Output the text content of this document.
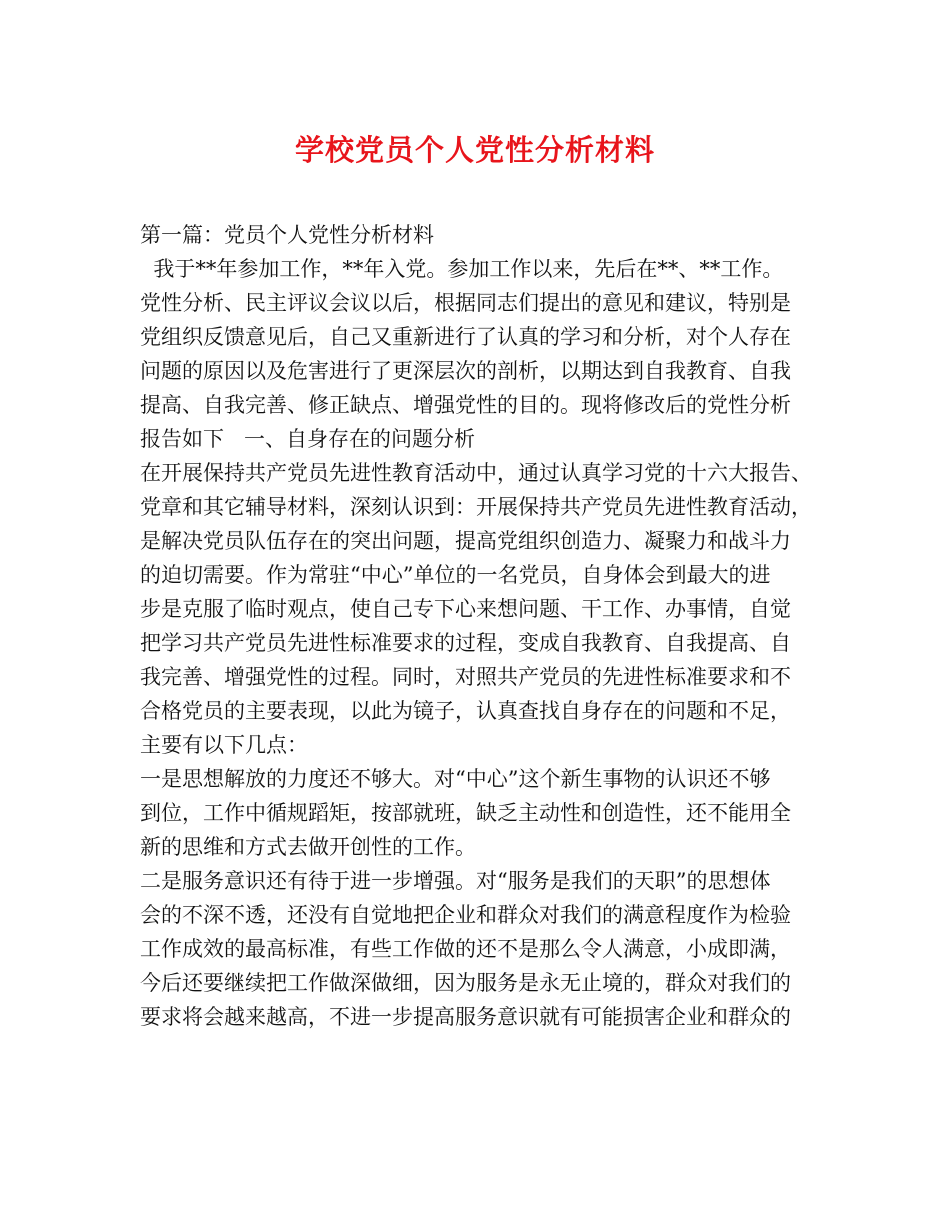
学校党员个人党性分析材料
第一篇：党员个人党性分析材料
我于**年参加工作，**年入党。参加工作以来，先后在**、**工作。
党性分析、民主评议会议以后，根据同志们提出的意见和建议，特别是
党组织反馈意见后，自己又重新进行了认真的学习和分析，对个人存在
问题的原因以及危害进行了更深层次的剖析，以期达到自我教育、自我
提高、自我完善、修正缺点、增强党性的目的。现将修改后的党性分析
报告如下   一、自身存在的问题分析
在开展保持共产党员先进性教育活动中，通过认真学习党的十六大报告、
党章和其它辅导材料，深刻认识到：开展保持共产党员先进性教育活动，
是解决党员队伍存在的突出问题，提高党组织创造力、凝聚力和战斗力
的迫切需要。作为常驻“中心”单位的一名党员，自身体会到最大的进
步是克服了临时观点，使自己专下心来想问题、干工作、办事情，自觉
把学习共产党员先进性标准要求的过程，变成自我教育、自我提高、自
我完善、增强党性的过程。同时，对照共产党员的先进性标准要求和不
合格党员的主要表现，以此为镜子，认真查找自身存在的问题和不足，
主要有以下几点：
一是思想解放的力度还不够大。对“中心”这个新生事物的认识还不够
到位，工作中循规蹈矩，按部就班，缺乏主动性和创造性，还不能用全
新的思维和方式去做开创性的工作。
二是服务意识还有待于进一步增强。对“服务是我们的天职”的思想体
会的不深不透，还没有自觉地把企业和群众对我们的满意程度作为检验
工作成效的最高标准，有些工作做的还不是那么令人满意，小成即满，
今后还要继续把工作做深做细，因为服务是永无止境的，群众对我们的
要求将会越来越高，不进一步提高服务意识就有可能损害企业和群众的
